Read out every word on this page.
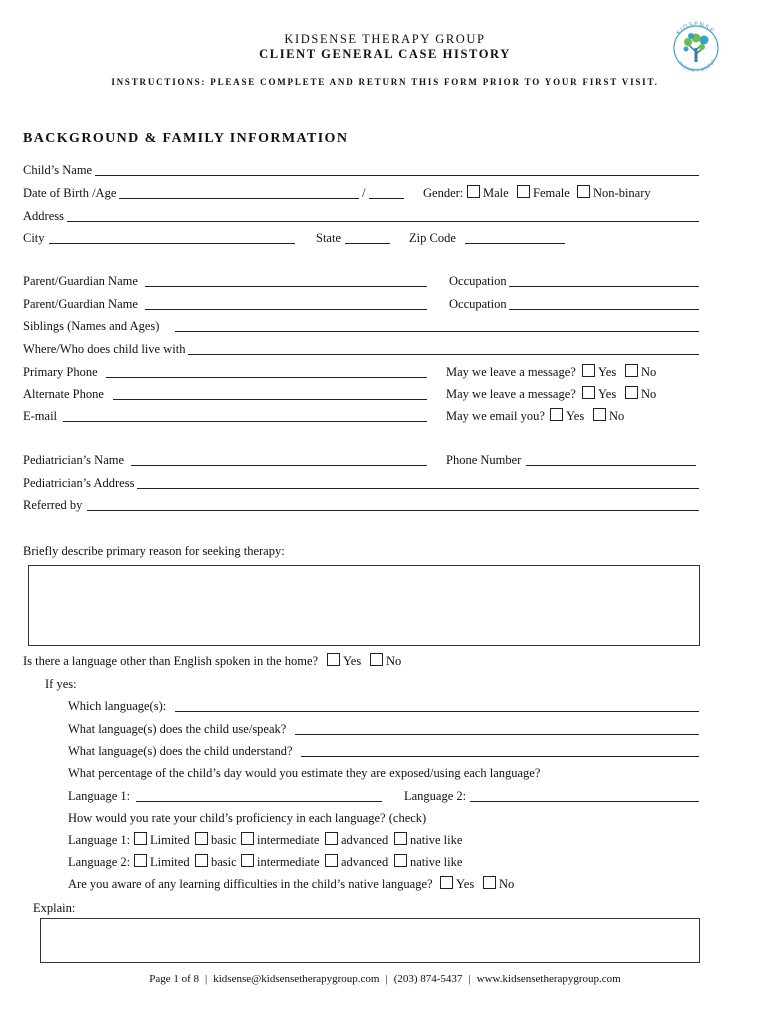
KIDSENSE THERAPY GROUP
CLIENT GENERAL CASE HISTORY
INSTRUCTIONS: PLEASE COMPLETE AND RETURN THIS FORM PRIOR TO YOUR FIRST VISIT.
KIDSENSE
THERAPY GROUP
BACKGROUND & FAMILY INFORMATION
Child’s Name
Date of Birth /Age	/	Gender:	Male	Female	Non-binary
Address
City	State	Zip Code
Parent/Guardian Name	Occupation
Parent/Guardian Name	Occupation
Siblings (Names and Ages)
Where/Who does child live with
Primary Phone	May we leave a message?	Yes	No
Alternate Phone	May we leave a message?	Yes	No
E-mail	May we email you?	Yes	No
Pediatrician’s Name	Phone Number
Pediatrician’s Address
Referred by
Briefly describe primary reason for seeking therapy:
Is there a language other than English spoken in the home?	Yes	No
If yes:
Which language(s):
What language(s) does the child use/speak?
What language(s) does the child understand?
What percentage of the child’s day would you estimate they are exposed/using each language?
Language 1:	Language 2:
How would you rate your child’s proficiency in each language? (check)
Language 1:	Limited	basic	intermediate	advanced	native like
Language 2:	Limited	basic	intermediate	advanced	native like
Are you aware of any learning difficulties in the child’s native language?	Yes	No
Explain:
Page 1 of 8 | kidsense@kidsensetherapygroup.com | (203) 874-5437 | www.kidsensetherapygroup.com
